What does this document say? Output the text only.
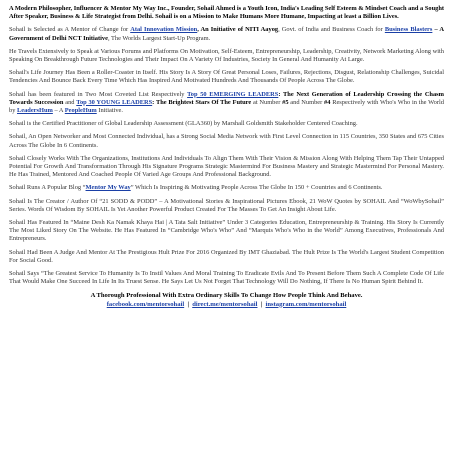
A Modern Philosopher, Influencer & Mentor My Way Inc., Founder, Sohail Ahmed is a Youth Icon, India's Leading Self Esteem & Mindset Coach and a Sought After Speaker, Business & Life Strategist from Delhi. Sohail is on a Mission to Make Humans More Humane, Impacting at least a Billion Lives.

Sohail is Selected as A Mentor of Change for Atal Innovation Mission, An Initiative of NITI Aayog, Govt. of India and Business Coach for Business Blasters – A Government of Delhi NCT Initiative, The Worlds Largest Start-Up Program.

He Travels Extensively to Speak at Various Forums and Platforms On Motivation, Self-Esteem, Entrepreneurship, Leadership, Creativity, Network Marketing Along with Speaking On Breakthrough Future Technologies and Their Impact On A Variety Of Industries, Society In General And Humanity At Large.

Sohail's Life Journey Has Been a Roller-Coaster in Itself. His Story Is A Story Of Great Personal Loses, Failures, Rejections, Disgust, Relationship Challenges, Suicidal Tendencies And Bounce Back Every Time Which Has Inspired And Motivated Hundreds And Thousands Of People Across The Globe.

Sohail has been featured in Two Most Coveted List Respectively Top 50 EMERGING LEADERS: The Next Generation of Leadership Crossing the Chasm Towards Succession and Top 30 YOUNG LEADERS: The Brightest Stars Of The Future at Number #5 and Number #4 Respectively with Who's Who in the World by LeadersHum – A PeopleHum Initiative.

Sohail is the Certified Practitioner of Global Leadership Assessment (GLA360) by Marshall Goldsmith Stakeholder Centered Coaching.

Sohail, An Open Networker and Most Connected Individual, has a Strong Social Media Network with First Level Connection in 115 Countries, 350 States and 675 Cities Across The Globe In 6 Continents.

Sohail Closely Works With The Organizations, Institutions And Individuals To Align Them With Their Vision & Mission Along With Helping Them Tap Their Untapped Potential For Growth And Transformation Through His Signature Programs Strategic Mastermind For Business Mastery and Strategic Mastermind For Personal Mastery. He Has Trained, Mentored And Coached People Of Varied Age Groups And Professional Background.

Sohail Runs A Popular Blog “Mentor My Way” Which Is Inspiring & Motivating People Across The Globe In 150 + Countries and 6 Continents.

Sohail Is The Creator / Author Of “21 SODD & PODD” – A Motivational Stories & Inspirational Pictures Ebook, 21 WoW Quotes by SOHAIL And “WoWbySohail” Series. Words Of Wisdom By SOHAIL Is Yet Another Powerful Product Created For The Masses To Get An Insight About Life.

Sohail Has Featured In “Maine Desh Ka Namak Khaya Hai | A Tata Salt Initiative” Under 3 Categories Education, Entrepreneurship & Training. His Story Is Currently The Most Liked Story On The Website. He Has Featured In “Cambridge Who's Who” And “Marquis Who's Who in the World” Among Executives, Professionals And Entrepreneurs.

Sohail Had Been A Judge And Mentor At The Prestigious Hult Prize For 2016 Organized By IMT Ghaziabad. The Hult Prize Is The World's Largest Student Competition For Social Good.

Sohail Says “The Greatest Service To Humanity Is To Instil Values And Moral Training To Eradicate Evils And To Present Before Them Such A Complete Code Of Life That Would Make One Succeed In Life In Its Truest Sense. He Says Let Us Not Forget That Technology Will Do Nothing, If There Is No Human Spirit Behind It.

A Thorough Professional With Extra Ordinary Skills To Change How People Think And Behave.

facebook.com/mentorsohail  |  direct.me/mentorsohail  |  instagram.com/mentorsohail
